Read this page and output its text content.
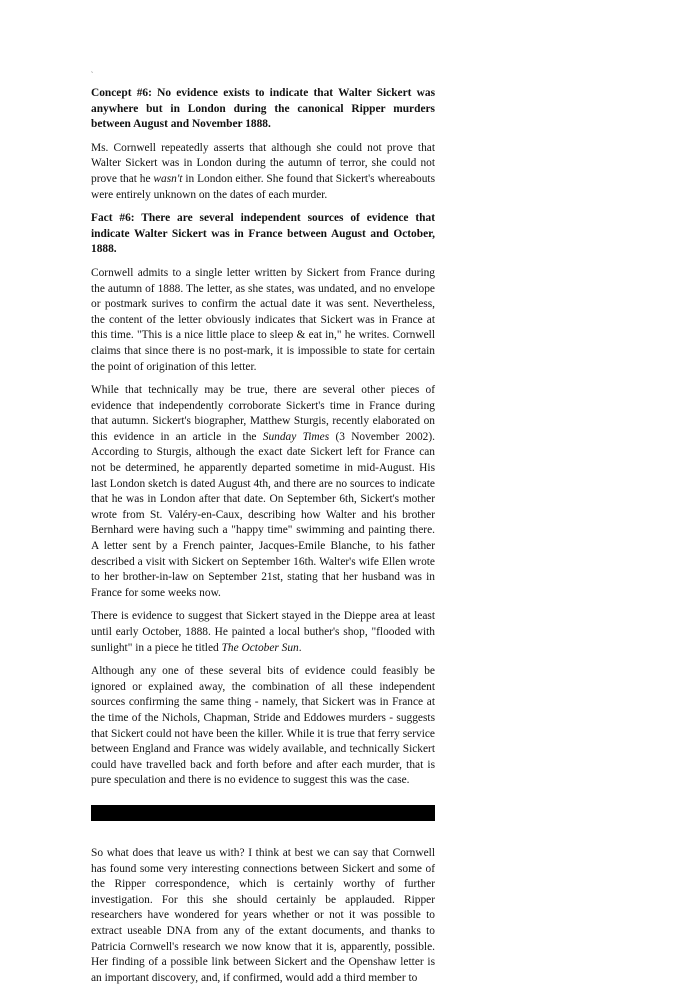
˜

Concept #6: No evidence exists to indicate that Walter Sickert was anywhere but in London during the canonical Ripper murders between August and November 1888.

Ms. Cornwell repeatedly asserts that although she could not prove that Walter Sickert was in London during the autumn of terror, she could not prove that he wasn't in London either. She found that Sickert's whereabouts were entirely unknown on the dates of each murder.

Fact #6: There are several independent sources of evidence that indicate Walter Sickert was in France between August and October, 1888.

Cornwell admits to a single letter written by Sickert from France during the autumn of 1888. The letter, as she states, was undated, and no envelope or postmark surives to confirm the actual date it was sent. Nevertheless, the content of the letter obviously indicates that Sickert was in France at this time. "This is a nice little place to sleep & eat in," he writes. Cornwell claims that since there is no post-mark, it is impossible to state for certain the point of origination of this letter.

While that technically may be true, there are several other pieces of evidence that independently corroborate Sickert's time in France during that autumn. Sickert's biographer, Matthew Sturgis, recently elaborated on this evidence in an article in the Sunday Times (3 November 2002). According to Sturgis, although the exact date Sickert left for France can not be determined, he apparently departed sometime in mid-August. His last London sketch is dated August 4th, and there are no sources to indicate that he was in London after that date. On September 6th, Sickert's mother wrote from St. Valéry-en-Caux, describing how Walter and his brother Bernhard were having such a "happy time" swimming and painting there. A letter sent by a French painter, Jacques-Emile Blanche, to his father described a visit with Sickert on September 16th. Walter's wife Ellen wrote to her brother-in-law on September 21st, stating that her husband was in France for some weeks now.

There is evidence to suggest that Sickert stayed in the Dieppe area at least until early October, 1888. He painted a local buther's shop, "flooded with sunlight" in a piece he titled The October Sun.

Although any one of these several bits of evidence could feasibly be ignored or explained away, the combination of all these independent sources confirming the same thing - namely, that Sickert was in France at the time of the Nichols, Chapman, Stride and Eddowes murders - suggests that Sickert could not have been the killer. While it is true that ferry service between England and France was widely available, and technically Sickert could have travelled back and forth before and after each murder, that is pure speculation and there is no evidence to suggest this was the case.

So what does that leave us with? I think at best we can say that Cornwell has found some very interesting connections between Sickert and some of the Ripper correspondence, which is certainly worthy of further investigation. For this she should certainly be applauded. Ripper researchers have wondered for years whether or not it was possible to extract useable DNA from any of the extant documents, and thanks to Patricia Cornwell's research we now know that it is, apparently, possible. Her finding of a possible link between Sickert and the Openshaw letter is an important discovery, and, if confirmed, would add a third member to
